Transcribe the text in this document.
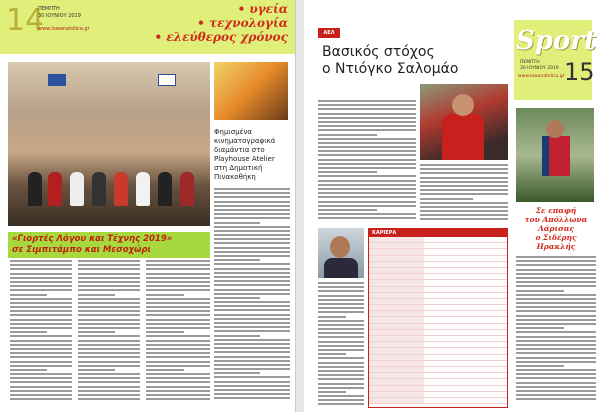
14
ΠΕΜΠΤΗ
30 ΙΟΥΝΙΟΥ 2019
www.lowanatolica.gr
• υγεία
• τεχνολογία
• ελεύθερος χρόνος
«Γιορτές Λόγου και Τέχνης 2019»
σε Σιμπιτάμπο και Μεσοχώρι
Φημισμένα
κινηματογραφικά
διαμάντια στο
Playhouse Atelier
στη Δημοτική
Πινακοθήκη
ΑΕΛ	Sport
ΠΕΜΠΤΗ
30 ΙΟΥΝΙΟΥ 2019 15
www.lowanatolica.gr
Βασικός στόχος
ο Ντιόγκο Σαλομάο
ΚΑΡΙΕΡΑ
Σε επαφή
του Απόλλωνα
Λάρισας
ο Σιδέρης
Ηρακλής
